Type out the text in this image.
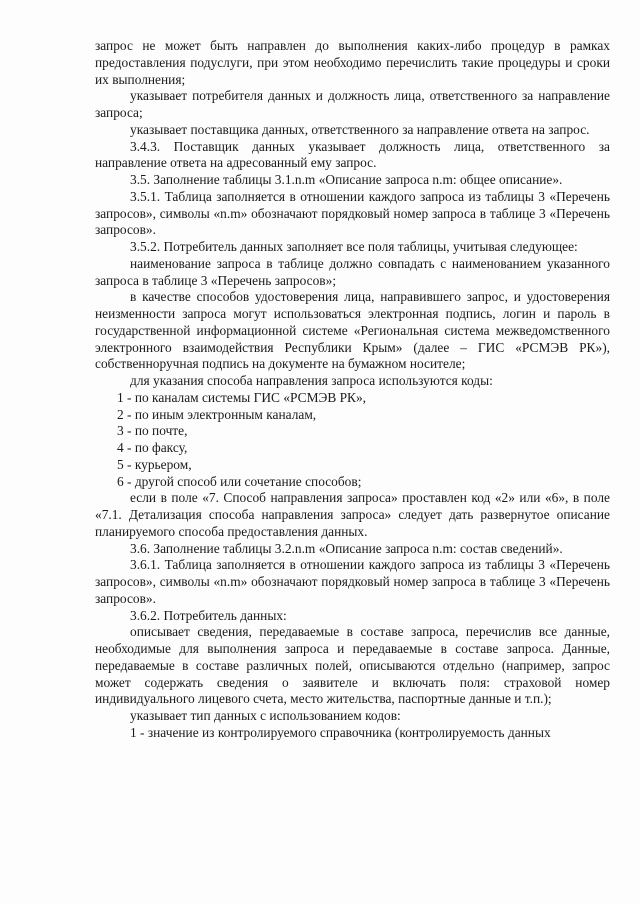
запрос не может быть направлен до выполнения каких-либо процедур в рамках предоставления подуслуги, при этом необходимо перечислить такие процедуры и сроки их выполнения;

указывает потребителя данных и должность лица, ответственного за направление запроса;

указывает поставщика данных, ответственного за направление ответа на запрос.

3.4.3. Поставщик данных указывает должность лица, ответственного за направление ответа на адресованный ему запрос.

3.5. Заполнение таблицы 3.1.n.m «Описание запроса n.m: общее описание».

3.5.1. Таблица заполняется в отношении каждого запроса из таблицы 3 «Перечень запросов», символы «n.m» обозначают порядковый номер запроса в таблице 3 «Перечень запросов».

3.5.2. Потребитель данных заполняет все поля таблицы, учитывая следующее:

наименование запроса в таблице должно совпадать с наименованием указанного запроса в таблице 3 «Перечень запросов»;

в качестве способов удостоверения лица, направившего запрос, и удостоверения неизменности запроса могут использоваться электронная подпись, логин и пароль в государственной информационной системе «Региональная система межведомственного электронного взаимодействия Республики Крым» (далее – ГИС «РСМЭВ РК»), собственноручная подпись на документе на бумажном носителе;

для указания способа направления запроса используются коды:

1 - по каналам системы ГИС «РСМЭВ РК»,

2 - по иным электронным каналам,

3 - по почте,

4 - по факсу,

5 - курьером,

6 - другой способ или сочетание способов;

если в поле «7. Способ направления запроса» проставлен код «2» или «6», в поле «7.1. Детализация способа направления запроса» следует дать развернутое описание планируемого способа предоставления данных.

3.6. Заполнение таблицы 3.2.n.m «Описание запроса n.m: состав сведений».

3.6.1. Таблица заполняется в отношении каждого запроса из таблицы 3 «Перечень запросов», символы «n.m» обозначают порядковый номер запроса в таблице 3 «Перечень запросов».

3.6.2. Потребитель данных:

описывает сведения, передаваемые в составе запроса, перечислив все данные, необходимые для выполнения запроса и передаваемые в составе запроса. Данные, передаваемые в составе различных полей, описываются отдельно (например, запрос может содержать сведения о заявителе и включать поля: страховой номер индивидуального лицевого счета, место жительства, паспортные данные и т.п.);

указывает тип данных с использованием кодов:

1 - значение из контролируемого справочника (контролируемость данных
